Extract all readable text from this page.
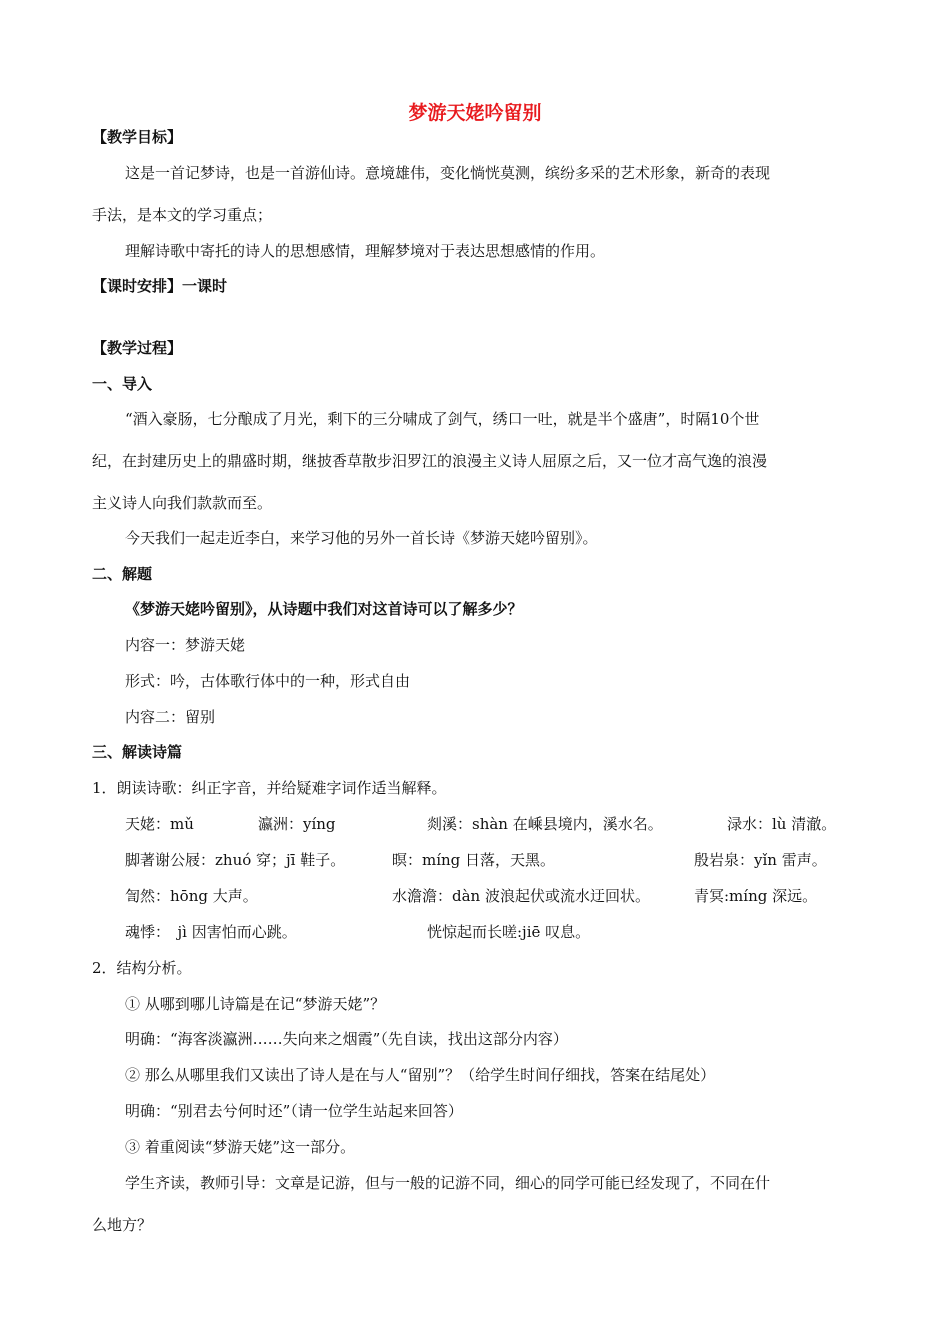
梦游天姥吟留别
【教学目标】
这是一首记梦诗，也是一首游仙诗。意境雄伟，变化惝恍莫测，缤纷多采的艺术形象，新奇的表现
手法，是本文的学习重点；
理解诗歌中寄托的诗人的思想感情，理解梦境对于表达思想感情的作用。
【课时安排】一课时
【教学过程】
一、导入
“酒入豪肠，七分酿成了月光，剩下的三分啸成了剑气，绣口一吐，就是半个盛唐”，时隔10个世
纪，在封建历史上的鼎盛时期，继披香草散步汨罗江的浪漫主义诗人屈原之后，又一位才高气逸的浪漫
主义诗人向我们款款而至。
今天我们一起走近李白，来学习他的另外一首长诗《梦游天姥吟留别》。
二、解题
《梦游天姥吟留别》，从诗题中我们对这首诗可以了解多少？
内容一：梦游天姥
形式：吟，古体歌行体中的一种，形式自由
内容二：留别
三、解读诗篇
1．朗读诗歌：纠正字音，并给疑难字词作适当解释。
天姥：mǔ	瀛洲：yíng	剡溪：shàn 在嵊县境内，溪水名。	渌水：lù 清澈。
脚著谢公屐：zhuó 穿；jī 鞋子。	暝：míng 日落，天黑。	殷岩泉：yǐn 雷声。
訇然：hōng 大声。	水澹澹：dàn 波浪起伏或流水迂回状。	青冥:míng 深远。
魂悸：　jì 因害怕而心跳。	恍惊起而长嗟:jiē 叹息。
2．结构分析。
① 从哪到哪儿诗篇是在记“梦游天姥”？
明确：“海客淡瀛洲……失向来之烟霞”（先自读，找出这部分内容）
② 那么从哪里我们又读出了诗人是在与人“留别”？（给学生时间仔细找，答案在结尾处）
明确：“别君去兮何时还”（请一位学生站起来回答）
③ 着重阅读“梦游天姥”这一部分。
学生齐读，教师引导：文章是记游，但与一般的记游不同，细心的同学可能已经发现了，不同在什
么地方？
